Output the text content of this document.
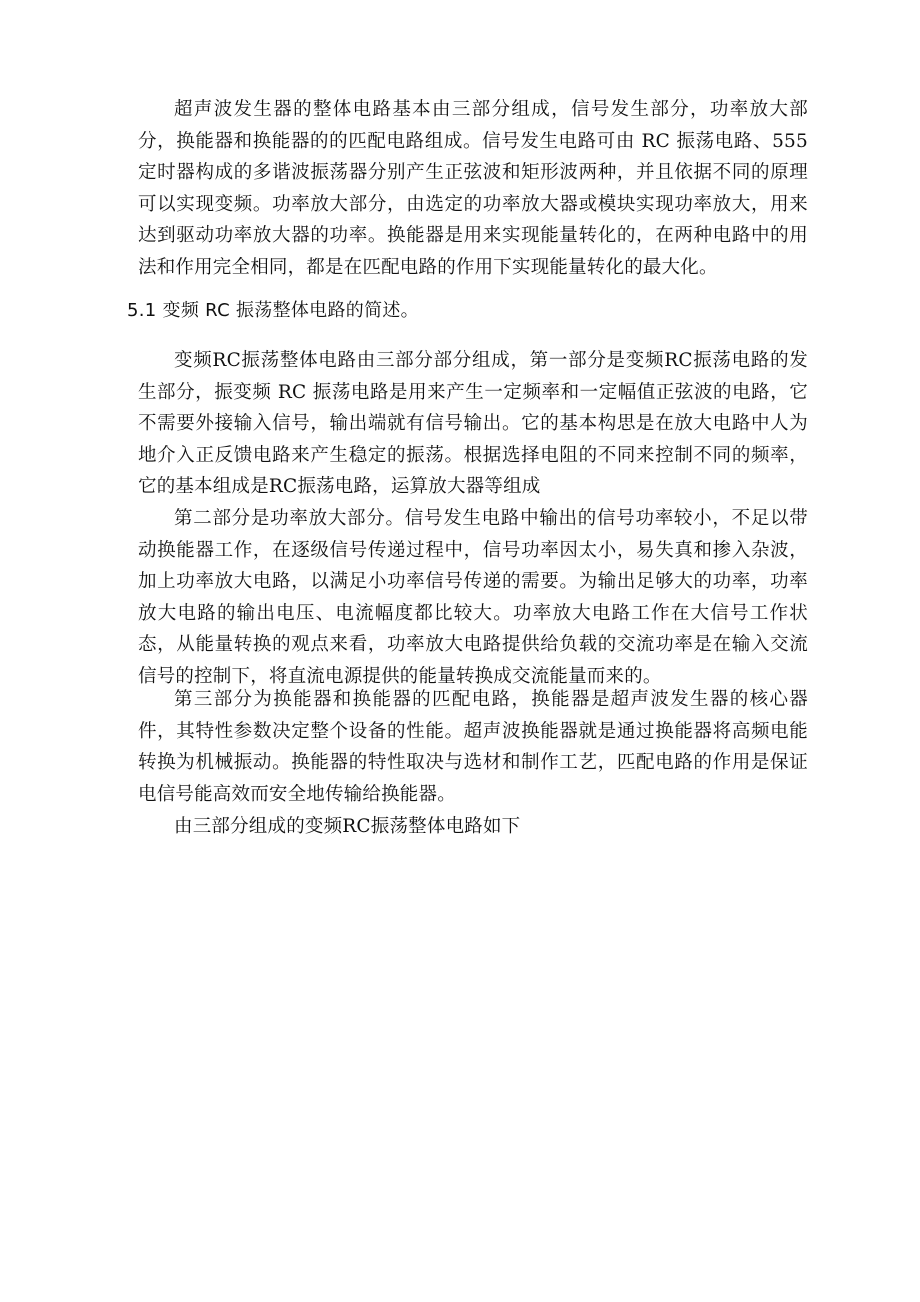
超声波发生器的整体电路基本由三部分组成，信号发生部分，功率放大部分，换能器和换能器的的匹配电路组成。信号发生电路可由 RC 振荡电路、555 定时器构成的多谐波振荡器分别产生正弦波和矩形波两种，并且依据不同的原理可以实现变频。功率放大部分，由选定的功率放大器或模块实现功率放大，用来达到驱动功率放大器的功率。换能器是用来实现能量转化的，在两种电路中的用法和作用完全相同，都是在匹配电路的作用下实现能量转化的最大化。

5.1 变频 RC 振荡整体电路的简述。

变频RC振荡整体电路由三部分部分组成，第一部分是变频RC振荡电路的发生部分，振变频 RC 振荡电路是用来产生一定频率和一定幅值正弦波的电路，它不需要外接输入信号，输出端就有信号输出。它的基本构思是在放大电路中人为地介入正反馈电路来产生稳定的振荡。根据选择电阻的不同来控制不同的频率，它的基本组成是RC振荡电路，运算放大器等组成

第二部分是功率放大部分。信号发生电路中输出的信号功率较小，不足以带动换能器工作，在逐级信号传递过程中，信号功率因太小，易失真和掺入杂波，加上功率放大电路，以满足小功率信号传递的需要。为输出足够大的功率，功率放大电路的输出电压、电流幅度都比较大。功率放大电路工作在大信号工作状态，从能量转换的观点来看，功率放大电路提供给负载的交流功率是在输入交流信号的控制下，将直流电源提供的能量转换成交流能量而来的。

第三部分为换能器和换能器的匹配电路，换能器是超声波发生器的核心器 件，其特性参数决定整个设备的性能。超声波换能器就是通过换能器将高频电能 转换为机械振动。换能器的特性取决与选材和制作工艺，匹配电路的作用是保证 电信号能高效而安全地传输给换能器。

由三部分组成的变频RC振荡整体电路如下
